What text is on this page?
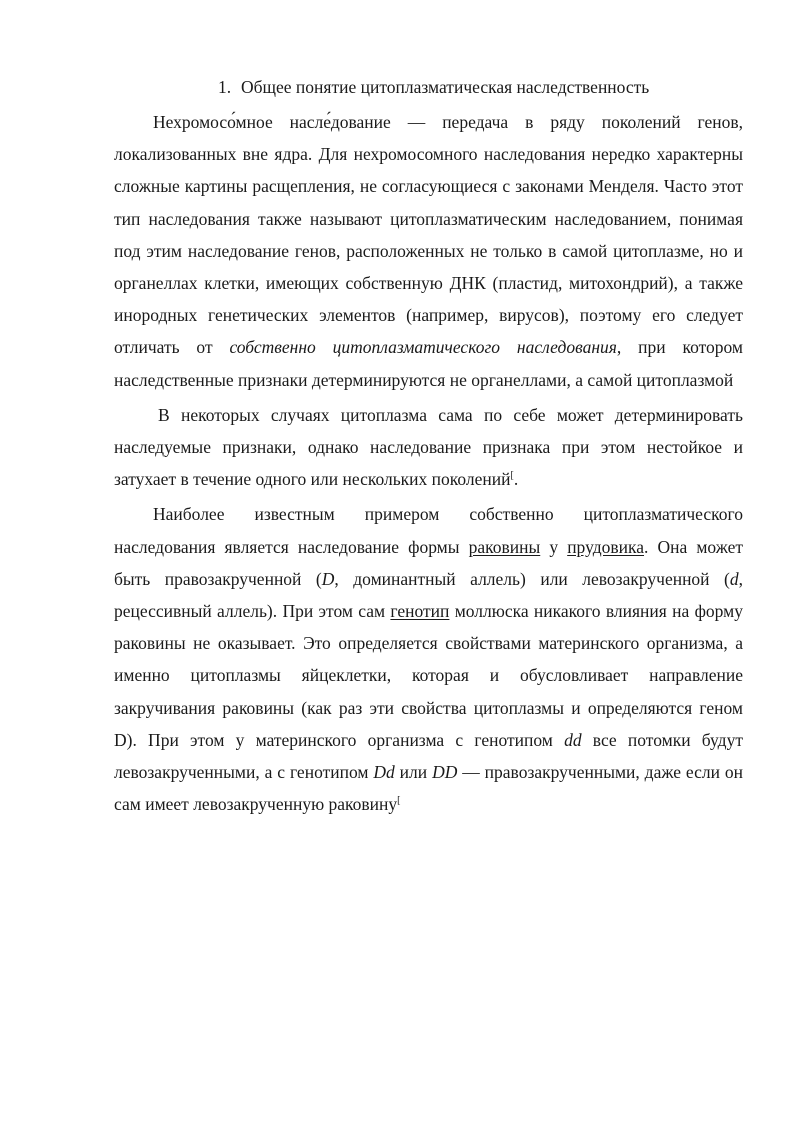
1. Общее понятие цитоплазматическая наследственность

Нехромосо́мное насле́дование — передача в ряду поколений генов, локализованных вне ядра. Для нехромосомного наследования нередко характерны сложные картины расщепления, не согласующиеся с законами Менделя. Часто этот тип наследования также называют цитоплазматическим наследованием, понимая под этим наследование генов, расположенных не только в самой цитоплазме, но и органеллах клетки, имеющих собственную ДНК (пластид, митохондрий), а также инородных генетических элементов (например, вирусов), поэтому его следует отличать от собственно цитоплазматического наследования, при котором наследственные признаки детерминируются не органеллами, а самой цитоплазмой

В некоторых случаях цитоплазма сама по себе может детерминировать наследуемые признаки, однако наследование признака при этом нестойкое и затухает в течение одного или нескольких поколений[.

Наиболее известным примером собственно цитоплазматического наследования является наследование формы раковины у прудовика. Она может быть правозакрученной (D, доминантный аллель) или левозакрученной (d, рецессивный аллель). При этом сам генотип моллюска никакого влияния на форму раковины не оказывает. Это определяется свойствами материнского организма, а именно цитоплазмы яйцеклетки, которая и обусловливает направление закручивания раковины (как раз эти свойства цитоплазмы и определяются геном D). При этом у материнского организма с генотипом dd все потомки будут левозакрученными, а с генотипом Dd или DD — правозакрученными, даже если он сам имеет левозакрученную раковину[
